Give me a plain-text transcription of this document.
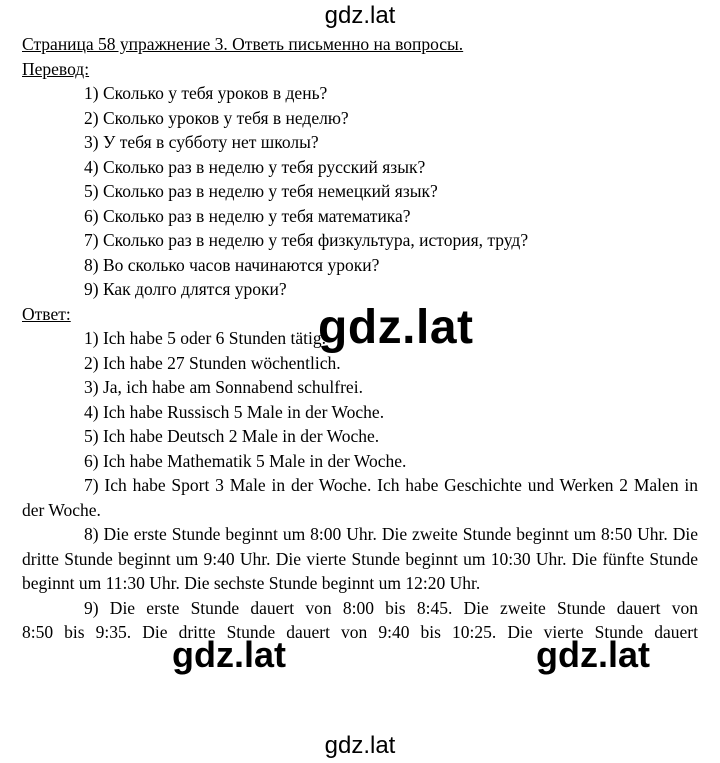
gdz.lat

Страница 58 упражнение 3. Ответь письменно на вопросы.

Перевод:

1) Сколько у тебя уроков в день?

2) Сколько уроков у тебя в неделю?

3) У тебя в субботу нет школы?

4) Сколько раз в неделю у тебя русский язык?

5) Сколько раз в неделю у тебя немецкий язык?

6) Сколько раз в неделю у тебя математика?

7) Сколько раз в неделю у тебя физкультура, история, труд?

8) Во сколько часов начинаются уроки?

9) Как долго длятся уроки?

Ответ:

1) Ich habe 5 oder 6 Stunden tätig.

2) Ich habe 27 Stunden wöchentlich.

3) Ja, ich habe am Sonnabend schulfrei.

4) Ich habe Russisch 5 Male in der Woche.

5) Ich habe Deutsch 2 Male in der Woche.

6) Ich habe Mathematik 5 Male in der Woche.

7) Ich habe Sport 3 Male in der Woche. Ich habe Geschichte und Werken 2 Malen in der Woche.

8) Die erste Stunde beginnt um 8:00 Uhr. Die zweite Stunde beginnt um 8:50 Uhr. Die dritte Stunde beginnt um 9:40 Uhr. Die vierte Stunde beginnt um 10:30 Uhr. Die fünfte Stunde beginnt um 11:30 Uhr. Die sechste Stunde beginnt um 12:20 Uhr.

9) Die erste Stunde dauert von 8:00 bis 8:45. Die zweite Stunde dauert von

8:50 bis 9:35. Die dritte Stunde dauert von 9:40 bis 10:25. Die vierte Stunde dauert

gdz.lat
gdz.lat	gdz.lat
gdz.lat
